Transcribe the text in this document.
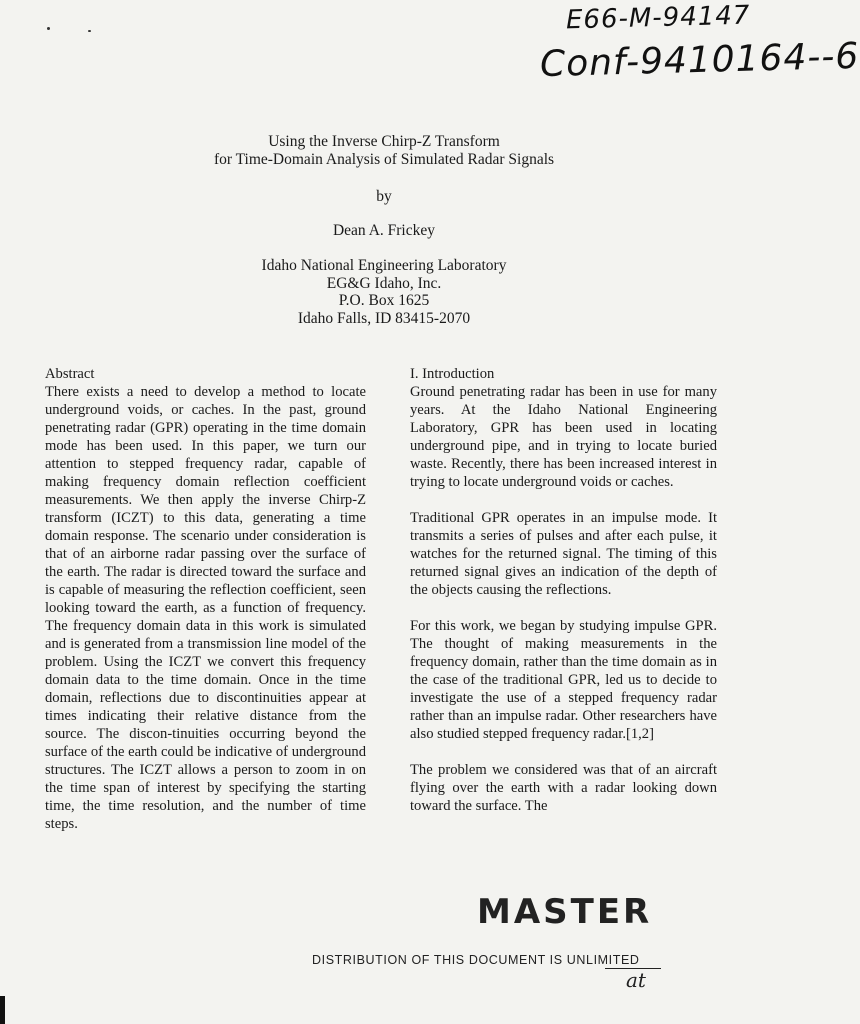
E66-M-94147
Conf-9410164--6
Using the Inverse Chirp-Z Transform
for Time-Domain Analysis of Simulated Radar Signals
by
Dean A. Frickey
Idaho National Engineering Laboratory
EG&G Idaho, Inc.
P.O. Box 1625
Idaho Falls, ID 83415-2070

Abstract

There exists a need to develop a method to locate underground voids, or caches. In the past, ground penetrating radar (GPR) operating in the time domain mode has been used. In this paper, we turn our attention to stepped frequency radar, capable of making frequency domain reflection coefficient measurements. We then apply the inverse Chirp-Z transform (ICZT) to this data, generating a time domain response. The scenario under consideration is that of an airborne radar passing over the surface of the earth. The radar is directed toward the surface and is capable of measuring the reflection coefficient, seen looking toward the earth, as a function of frequency. The frequency domain data in this work is simulated and is generated from a transmission line model of the problem. Using the ICZT we convert this frequency domain data to the time domain. Once in the time domain, reflections due to discontinuities appear at times indicating their relative distance from the source. The discon-tinuities occurring beyond the surface of the earth could be indicative of underground structures. The ICZT allows a person to zoom in on the time span of interest by specifying the starting time, the time resolution, and the number of time steps.

I. Introduction

Ground penetrating radar has been in use for many years. At the Idaho National Engineering Laboratory, GPR has been used in locating underground pipe, and in trying to locate buried waste. Recently, there has been increased interest in trying to locate underground voids or caches.

Traditional GPR operates in an impulse mode. It transmits a series of pulses and after each pulse, it watches for the returned signal. The timing of this returned signal gives an indication of the depth of the objects causing the reflections.

For this work, we began by studying impulse GPR. The thought of making measurements in the frequency domain, rather than the time domain as in the case of the traditional GPR, led us to decide to investigate the use of a stepped frequency radar rather than an impulse radar. Other researchers have also studied stepped frequency radar.[1,2]

The problem we considered was that of an aircraft flying over the earth with a radar looking down toward the surface. The

MASTER
DISTRIBUTION OF THIS DOCUMENT IS UNLIMITED
at
